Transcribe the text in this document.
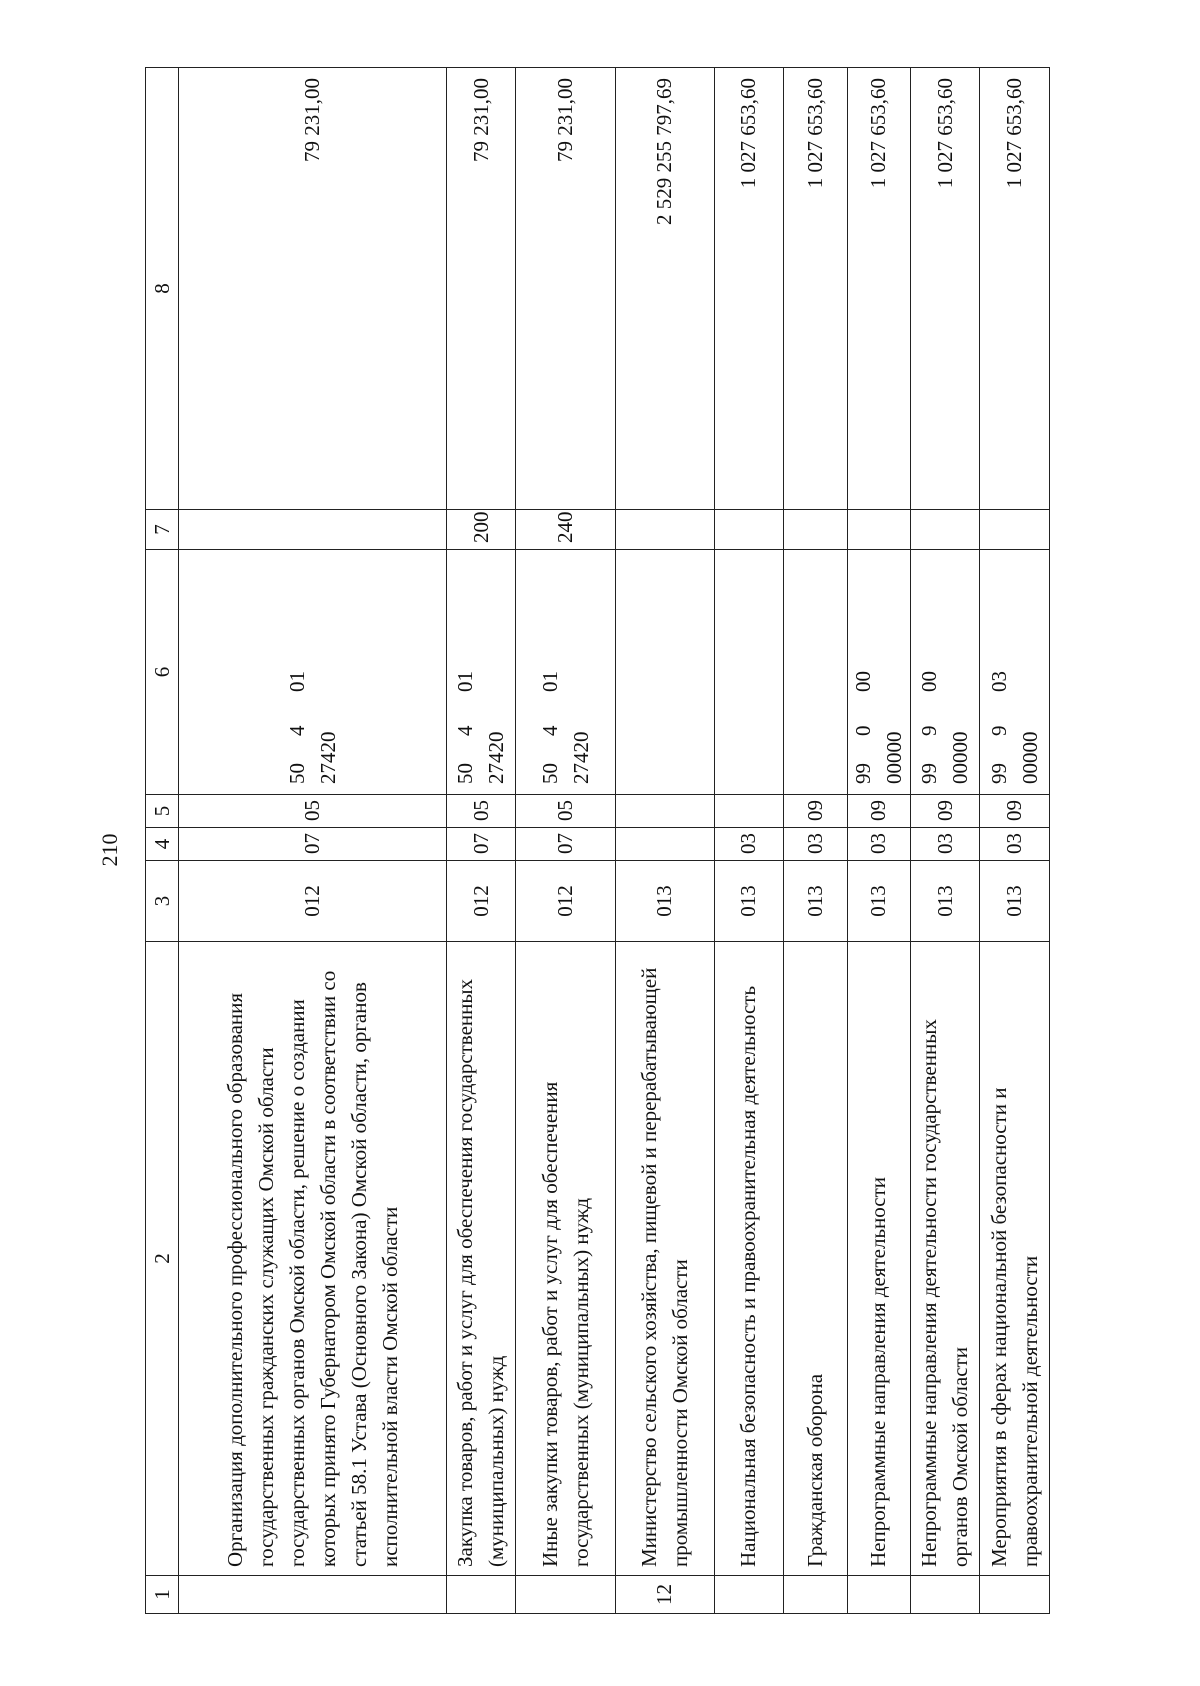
210
1	2	3	4	5	6	7	8
	Организация дополнительного профессионального образования государственных гражданских служащих Омской области государственных органов Омской области, решение о создании которых принято Губернатором Омской области в соответствии со статьей 58.1 Устава (Основного Закона) Омской области, органов исполнительной власти Омской области	012	07	05	5040127420		79 231,00
	Закупка товаров, работ и услуг для обеспечения государственных (муниципальных) нужд	012	07	05	5040127420	200	79 231,00
	Иные закупки товаров, работ и услуг для обеспечения государственных (муниципальных) нужд	012	07	05	5040127420	240	79 231,00
12	Министерство сельского хозяйства, пищевой и перерабатывающей промышленности Омской области	013					2 529 255 797,69
	Национальная безопасность и правоохранительная деятельность	013	03				1 027 653,60
	Гражданская оборона	013	03	09			1 027 653,60
	Непрограммные направления деятельности	013	03	09	9900000000		1 027 653,60
	Непрограммные направления деятельности государственных органов Омской области	013	03	09	9990000000		1 027 653,60
	Мероприятия в сферах национальной безопасности и правоохранительной деятельности	013	03	09	9990300000		1 027 653,60
